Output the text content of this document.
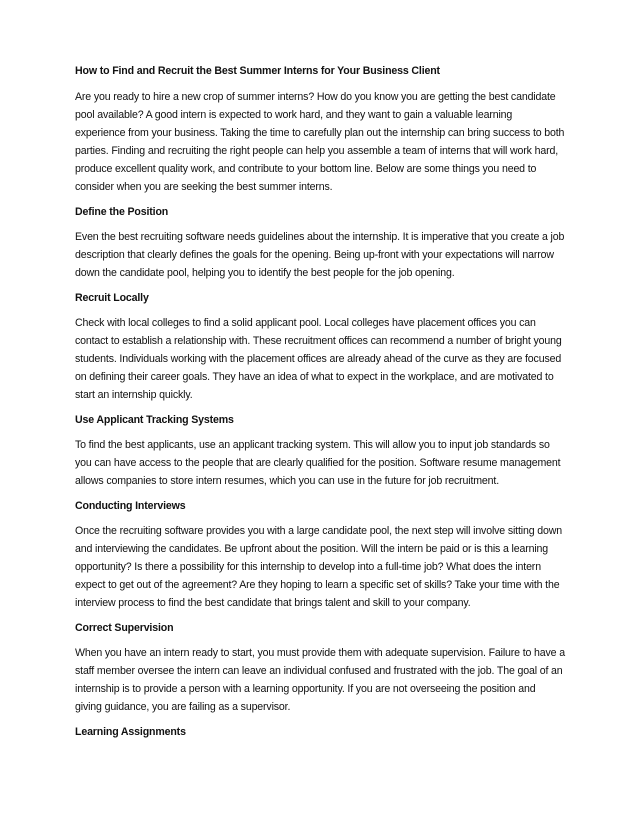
How to Find and Recruit the Best Summer Interns for Your Business Client
Are you ready to hire a new crop of summer interns? How do you know you are getting the best candidate pool available? A good intern is expected to work hard, and they want to gain a valuable learning experience from your business. Taking the time to carefully plan out the internship can bring success to both parties. Finding and recruiting the right people can help you assemble a team of interns that will work hard, produce excellent quality work, and contribute to your bottom line. Below are some things you need to consider when you are seeking the best summer interns.
Define the Position
Even the best recruiting software needs guidelines about the internship. It is imperative that you create a job description that clearly defines the goals for the opening. Being up-front with your expectations will narrow down the candidate pool, helping you to identify the best people for the job opening.
Recruit Locally
Check with local colleges to find a solid applicant pool. Local colleges have placement offices you can contact to establish a relationship with. These recruitment offices can recommend a number of bright young students. Individuals working with the placement offices are already ahead of the curve as they are focused on defining their career goals. They have an idea of what to expect in the workplace, and are motivated to start an internship quickly.
Use Applicant Tracking Systems
To find the best applicants, use an applicant tracking system. This will allow you to input job standards so you can have access to the people that are clearly qualified for the position. Software resume management allows companies to store intern resumes, which you can use in the future for job recruitment.
Conducting Interviews
Once the recruiting software provides you with a large candidate pool, the next step will involve sitting down and interviewing the candidates. Be upfront about the position. Will the intern be paid or is this a learning opportunity? Is there a possibility for this internship to develop into a full-time job? What does the intern expect to get out of the agreement? Are they hoping to learn a specific set of skills? Take your time with the interview process to find the best candidate that brings talent and skill to your company.
Correct Supervision
When you have an intern ready to start, you must provide them with adequate supervision. Failure to have a staff member oversee the intern can leave an individual confused and frustrated with the job. The goal of an internship is to provide a person with a learning opportunity. If you are not overseeing the position and giving guidance, you are failing as a supervisor.
Learning Assignments
